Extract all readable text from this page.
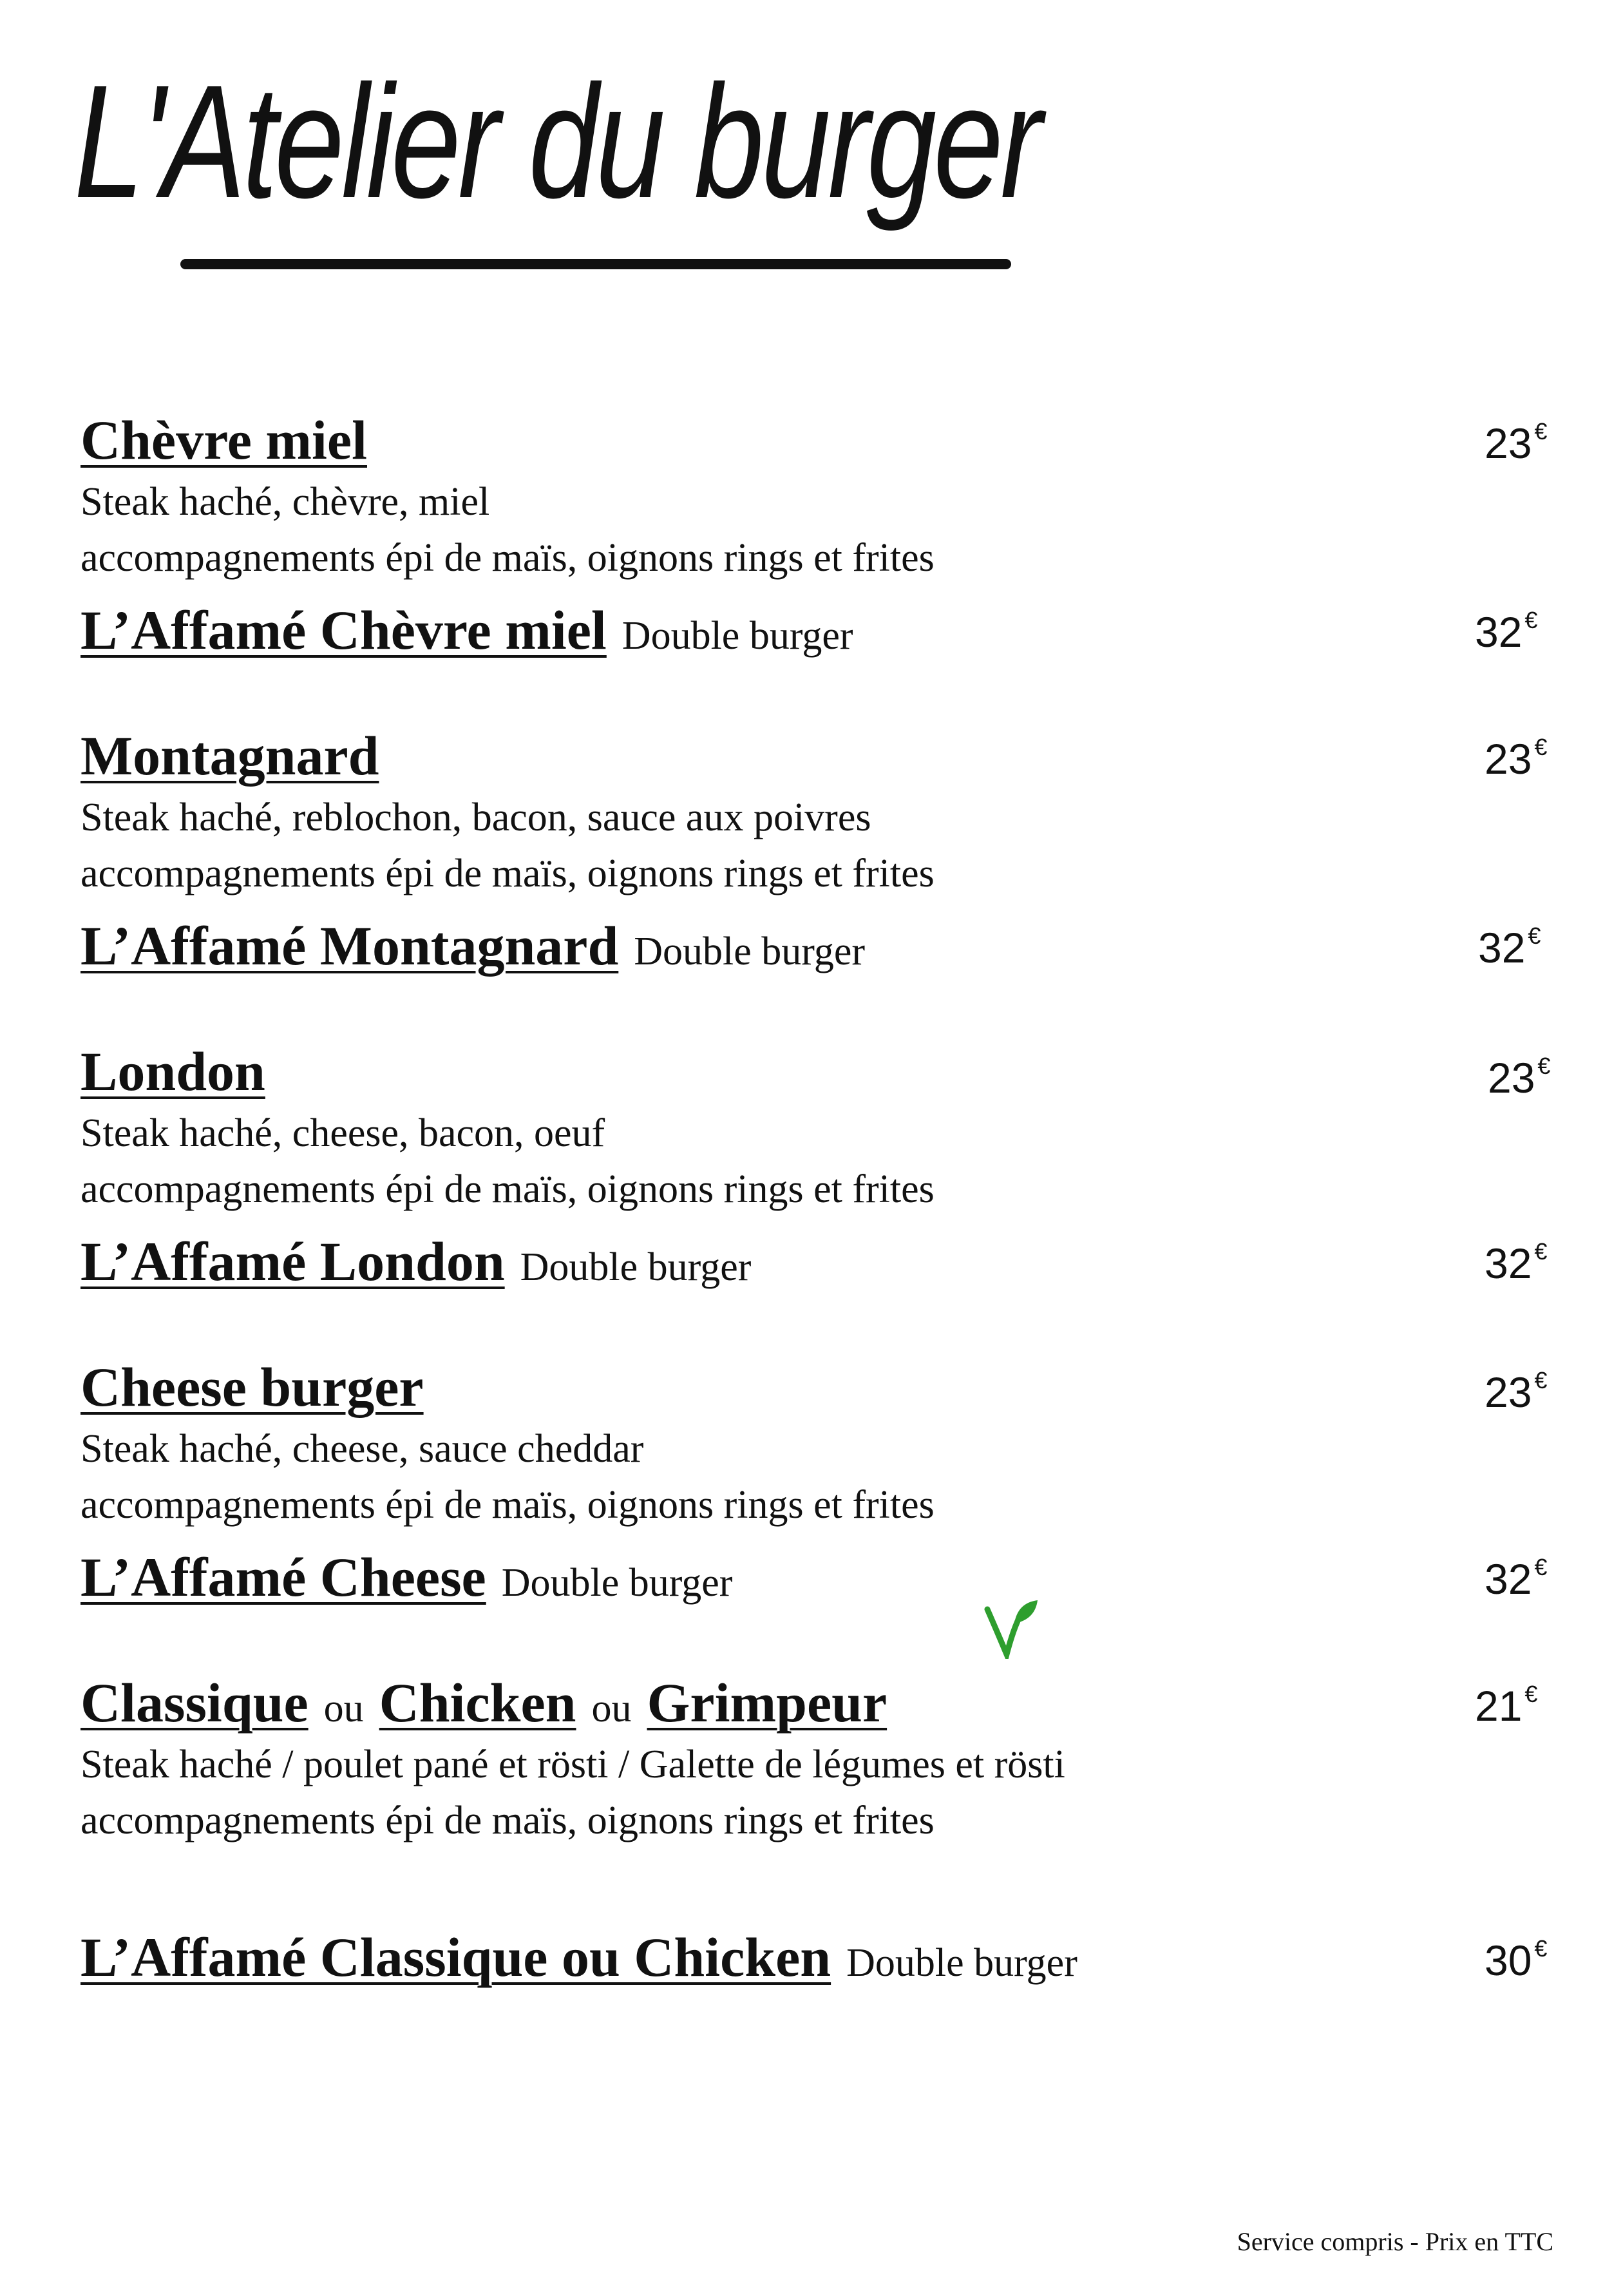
L'Atelier du burger
Chèvre miel	23 €
Steak haché, chèvre, miel
accompagnements épi de maïs, oignons rings et frites
L’Affamé Chèvre miel Double burger	32 €
Montagnard	23 €
Steak haché, reblochon, bacon, sauce aux poivres
accompagnements épi de maïs, oignons rings et frites
L’Affamé Montagnard Double burger	32 €
London	23 €
Steak haché, cheese, bacon, oeuf
accompagnements épi de maïs, oignons rings et frites
L’Affamé London Double burger	32 €
Cheese burger	23 €
Steak haché, cheese, sauce cheddar
accompagnements épi de maïs, oignons rings et frites
L’Affamé Cheese Double burger	32 €
Classique ou Chicken ou Grimpeur	21 €
Steak haché / poulet pané et rösti / Galette de légumes et rösti
accompagnements épi de maïs, oignons rings et frites
L’Affamé Classique ou Chicken Double burger	30 €
Service compris - Prix en TTC
